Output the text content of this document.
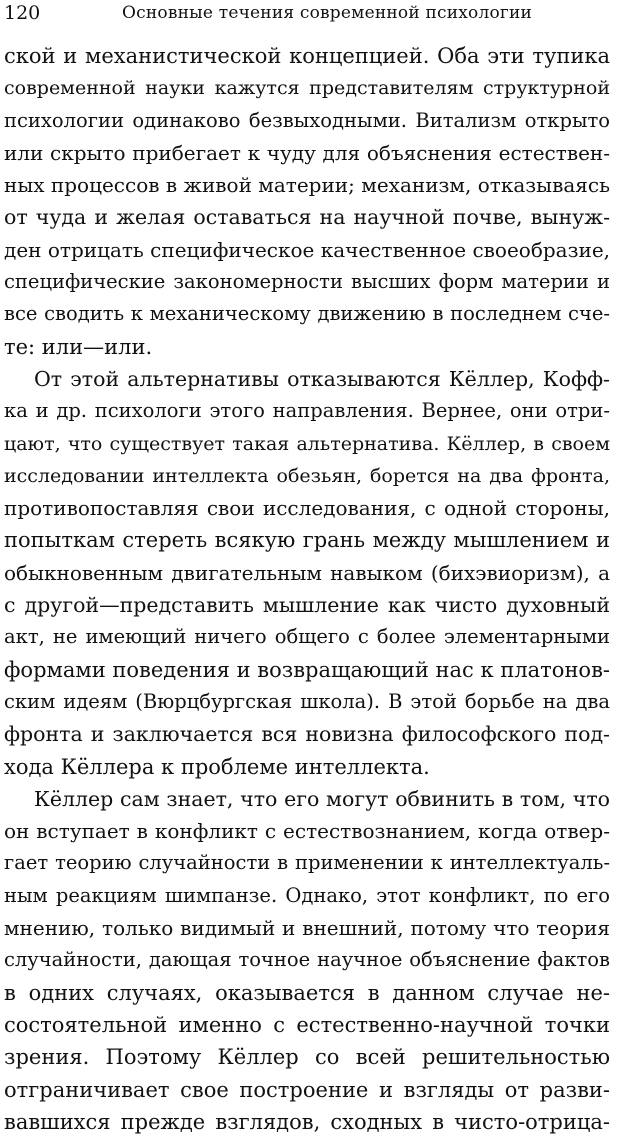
120	Основные течения современной психологии
ской и механистической концепцией. Оба эти тупика
современной науки кажутся представителям структурной
психологии одинаково безвыходными. Витализм открыто
или скрыто прибегает к чуду для объяснения естествен-
ных процессов в живой материи; механизм, отказываясь
от чуда и желая оставаться на научной почве, вынуж-
ден отрицать специфическое качественное своеобразие,
специфические закономерности высших форм материи и
все сводить к механическому движению в последнем сче-
те: или—или.
От этой альтернативы отказываются Кёллер, Кофф-
ка и др. психологи этого направления. Вернее, они отри-
цают, что существует такая альтернатива. Кёллер, в своем
исследовании интеллекта обезьян, борется на два фронта,
противопоставляя свои исследования, с одной стороны,
попыткам стереть всякую грань между мышлением и
обыкновенным двигательным навыком (бихэвиоризм), а
с другой—представить мышление как чисто духовный
акт, не имеющий ничего общего с более элементарными
формами поведения и возвращающий нас к платонов-
ским идеям (Вюрцбургская школа). В этой борьбе на два
фронта и заключается вся новизна философского под-
хода Кёллера к проблеме интеллекта.
Кёллер сам знает, что его могут обвинить в том, что
он вступает в конфликт с естествознанием, когда отвер-
гает теорию случайности в применении к интеллектуаль-
ным реакциям шимпанзе. Однако, этот конфликт, по его
мнению, только видимый и внешний, потому что теория
случайности, дающая точное научное объяснение фактов
в одних случаях, оказывается в данном случае не-
состоятельной именно с естественно-научной точки
зрения. Поэтому Кёллер со всей решительностью
отграничивает свое построение и взгляды от разви-
вавшихся прежде взглядов, сходных в чисто-отрица-
